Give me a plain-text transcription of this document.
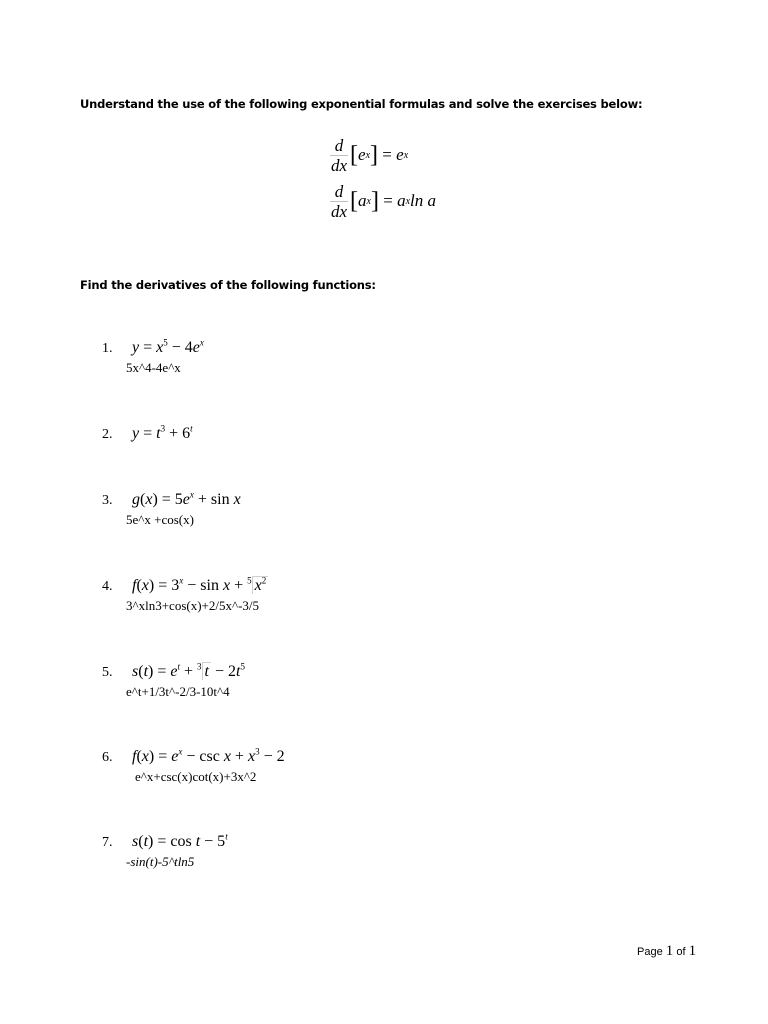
Understand the use of the following exponential formulas and solve the exercises below:
$\frac{d}{dx}$ [ e x ] = e x
$\frac{d}{dx}$ [ a x ] = a x ln a
Find the derivatives of the following functions:
1. $y = x^5 - 4e^x$
5x^4-4e^x
2. $y = t^3 + 6^t$
3. $g(x) = 5e^x + \sin x$
5e^x +cos(x)
4. $f(x) = 3^x - \sin x + ^5$ $x^2$
3^xln3+cos(x)+2/5x^-3/5
5. $s(t) = e^t + ^3$ $t - 2t^5$
e^t+1/3t^-2/3-10t^4
6. $f(x) = e^x - \csc x + x^3 - 2$
e^x+csc(x)cot(x)+3x^2
7. $s(t) = \cos t - 5^t$
-sin(t)-5^tln5
Page 1 of 1
